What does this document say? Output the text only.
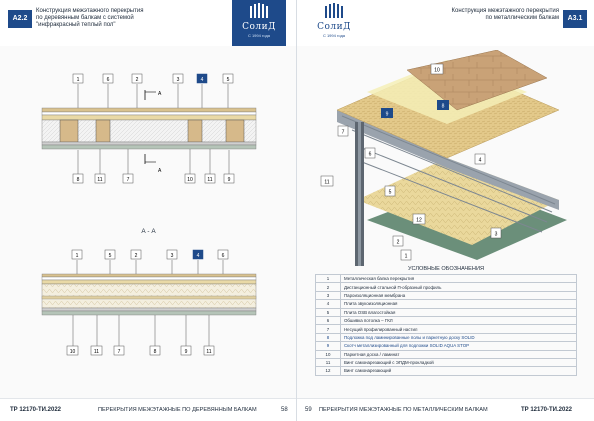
А2.2
Конструкция межэтажного перекрытия
по деревянным балкам с системой
"инфракрасный теплый пол"	СолиД
С 1994 года
А
А
1	6	2	3	4	5
8	11	7	10	11	9
А - А
1	5	2	3	4	6
10	11	7	8	9	11
ТР 12170-ТИ.2022	ПЕРЕКРЫТИЯ МЕЖЭТАЖНЫЕ ПО ДЕРЕВЯННЫМ БАЛКАМ	58
СолиД
С 1994 года
Конструкция межэтажного перекрытия
по металлическим балкам	А3.1
10
8
9
7
11
6
5
4
3
12
2
1
59 ПЕРЕКРЫТИЯ МЕЖЭТАЖНЫЕ ПО МЕТАЛЛИЧЕСКИМ БАЛКАМ	ТР 12170-ТИ.2022
УСЛОВНЫЕ ОБОЗНАЧЕНИЯ
1	Металлическая балка перекрытия
2	Дистанционный стальной П-образный профиль
3	Пароизоляционная мембрана
4	Плита звукоизоляционная
5	Плита OSB влагостойкая
6	Обшивка потолка – ГКЛ
7	Несущий профилированный настил
8	Подложка под ламинированные полы и паркетную доску SOLID
9	Скотч металлизированный для подложки SOLID AQUA STOP
10	Паркетная доска / ламинат
11	Винт самонарезающий с ЭПДМ-прокладкой
12	Винт самонарезающий
